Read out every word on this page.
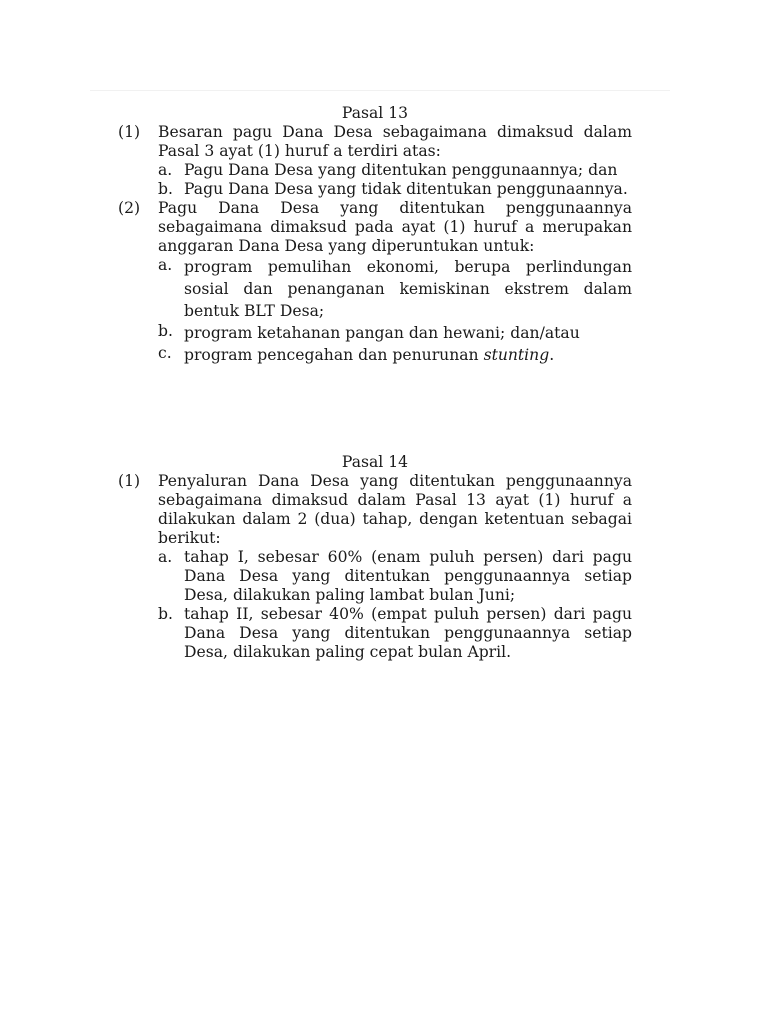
Pasal 13

(1) Besaran pagu Dana Desa sebagaimana dimaksud dalam Pasal 3 ayat (1) huruf a terdiri atas:

a. Pagu Dana Desa yang ditentukan penggunaannya; dan

b. Pagu Dana Desa yang tidak ditentukan penggunaannya.

(2) Pagu Dana Desa yang ditentukan penggunaannya sebagaimana dimaksud pada ayat (1) huruf a merupakan anggaran Dana Desa yang diperuntukan untuk:

a. program pemulihan ekonomi, berupa perlindungan sosial dan penanganan kemiskinan ekstrem dalam bentuk BLT Desa;

b. program ketahanan pangan dan hewani; dan/atau

c. program pencegahan dan penurunan stunting.

Pasal 14

(1) Penyaluran Dana Desa yang ditentukan penggunaannya sebagaimana dimaksud dalam Pasal 13 ayat (1) huruf a dilakukan dalam 2 (dua) tahap, dengan ketentuan sebagai berikut:

a. tahap I, sebesar 60% (enam puluh persen) dari pagu Dana Desa yang ditentukan penggunaannya setiap Desa, dilakukan paling lambat bulan Juni;

b. tahap II, sebesar 40% (empat puluh persen) dari pagu Dana Desa yang ditentukan penggunaannya setiap Desa, dilakukan paling cepat bulan April.
